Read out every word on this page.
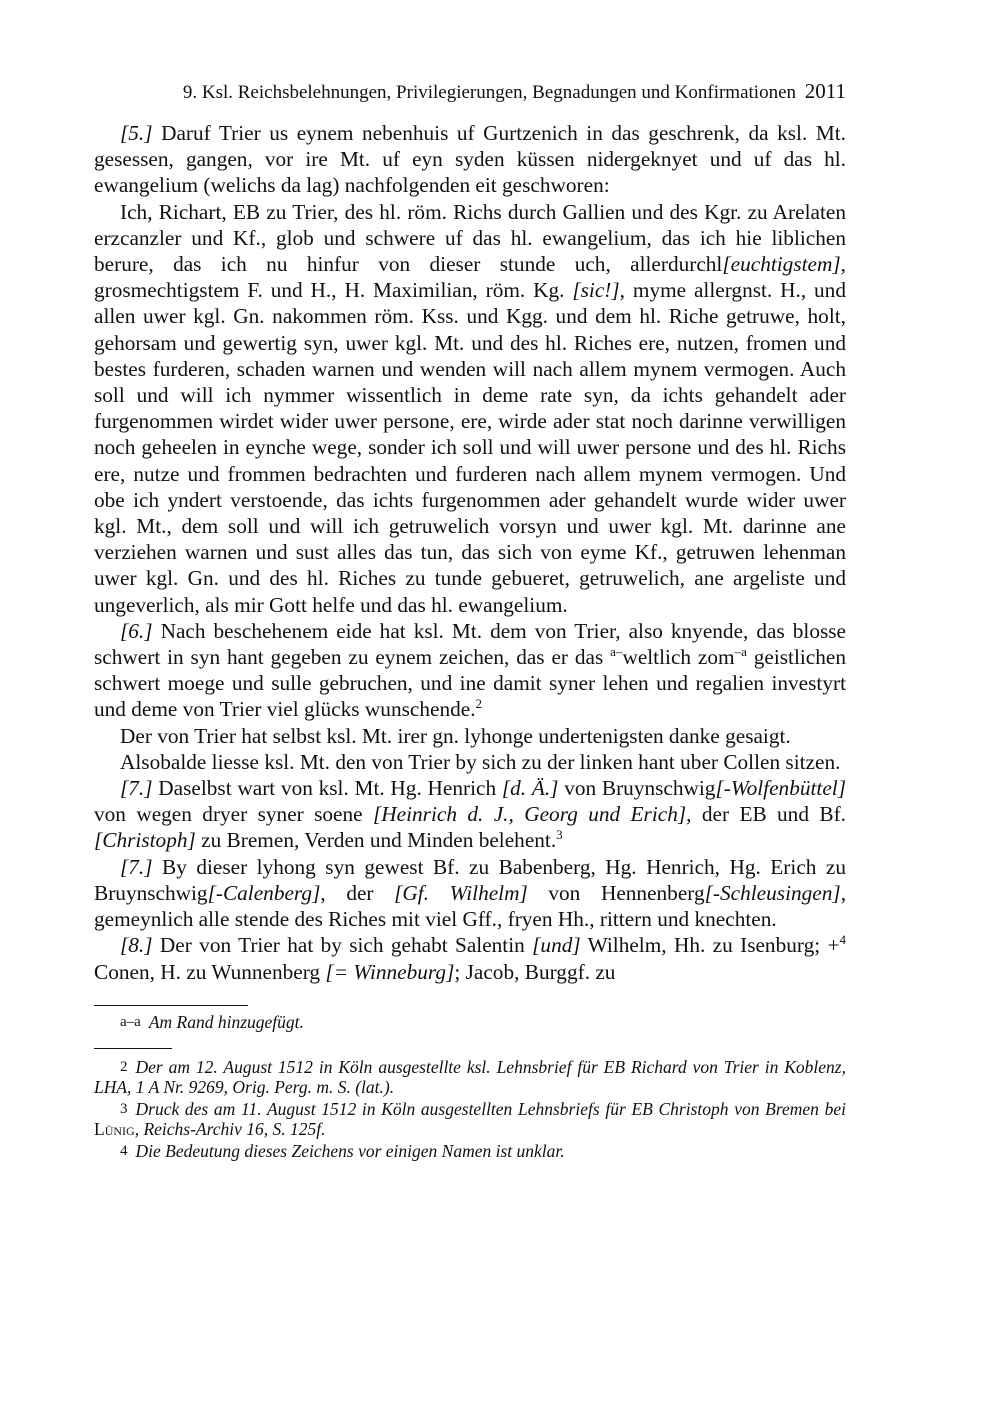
9. Ksl. Reichsbelehnungen, Privilegierungen, Begnadungen und Konfirmationen 2011

[5.] Daruf Trier us eynem nebenhuis uf Gurtzenich in das geschrenk, da ksl. Mt. gesessen, gangen, vor ire Mt. uf eyn syden küssen nidergeknyet und uf das hl. ewangelium (welichs da lag) nachfolgenden eit geschworen:

Ich, Richart, EB zu Trier, des hl. röm. Richs durch Gallien und des Kgr. zu Arelaten erzcanzler und Kf., glob und schwere uf das hl. ewangelium, das ich hie liblichen berure, das ich nu hinfur von dieser stunde uch, allerdurchl[euchtigstem], grosmechtigstem F. und H., H. Maximilian, röm. Kg. [sic!], myme allergnst. H., und allen uwer kgl. Gn. nakommen röm. Kss. und Kgg. und dem hl. Riche getruwe, holt, gehorsam und gewertig syn, uwer kgl. Mt. und des hl. Riches ere, nutzen, fromen und bestes furderen, schaden warnen und wenden will nach allem mynem vermogen. Auch soll und will ich nymmer wissentlich in deme rate syn, da ichts gehandelt ader furgenommen wirdet wider uwer persone, ere, wirde ader stat noch darinne verwilligen noch geheelen in eynche wege, sonder ich soll und will uwer persone und des hl. Richs ere, nutze und frommen bedrachten und furderen nach allem mynem vermogen. Und obe ich yndert verstoende, das ichts furgenommen ader gehandelt wurde wider uwer kgl. Mt., dem soll und will ich getruwelich vorsyn und uwer kgl. Mt. darinne ane verziehen warnen und sust alles das tun, das sich von eyme Kf., getruwen lehenman uwer kgl. Gn. und des hl. Riches zu tunde gebueret, getruwelich, ane argeliste und ungeverlich, als mir Gott helfe und das hl. ewangelium.

[6.] Nach beschehenem eide hat ksl. Mt. dem von Trier, also knyende, das blosse schwert in syn hant gegeben zu eynem zeichen, das er das $^{a-}$weltlich zom$^{-a}$ geistlichen schwert moege und sulle gebruchen, und ine damit syner lehen und regalien investyrt und deme von Trier viel glücks wunschende.$^2$

Der von Trier hat selbst ksl. Mt. irer gn. lyhonge undertenigsten danke gesaigt.

Alsobalde liesse ksl. Mt. den von Trier by sich zu der linken hant uber Collen sitzen.

[7.] Daselbst wart von ksl. Mt. Hg. Henrich [d. Ä.] von Bruynschwig[-Wolfenbüttel] von wegen dryer syner soene [Heinrich d. J., Georg und Erich], der EB und Bf. [Christoph] zu Bremen, Verden und Minden belehent.$^3$

[7.] By dieser lyhong syn gewest Bf. zu Babenberg, Hg. Henrich, Hg. Erich zu Bruynschwig[-Calenberg], der [Gf. Wilhelm] von Hennenberg[-Schleusingen], gemeynlich alle stende des Riches mit viel Gff., fryen Hh., rittern und knechten.

[8.] Der von Trier hat by sich gehabt Salentin [und] Wilhelm, Hh. zu Isenburg; +$^4$ Conen, H. zu Wunnenberg [= Winneburg]; Jacob, Burggf. zu

a–a Am Rand hinzugefügt.

2 Der am 12. August 1512 in Köln ausgestellte ksl. Lehnsbrief für EB Richard von Trier in Koblenz, LHA, 1 A Nr. 9269, Orig. Perg. m. S. (lat.).

3 Druck des am 11. August 1512 in Köln ausgestellten Lehnsbriefs für EB Christoph von Bremen bei Lünig, Reichs-Archiv 16, S. 125f.

4 Die Bedeutung dieses Zeichens vor einigen Namen ist unklar.
